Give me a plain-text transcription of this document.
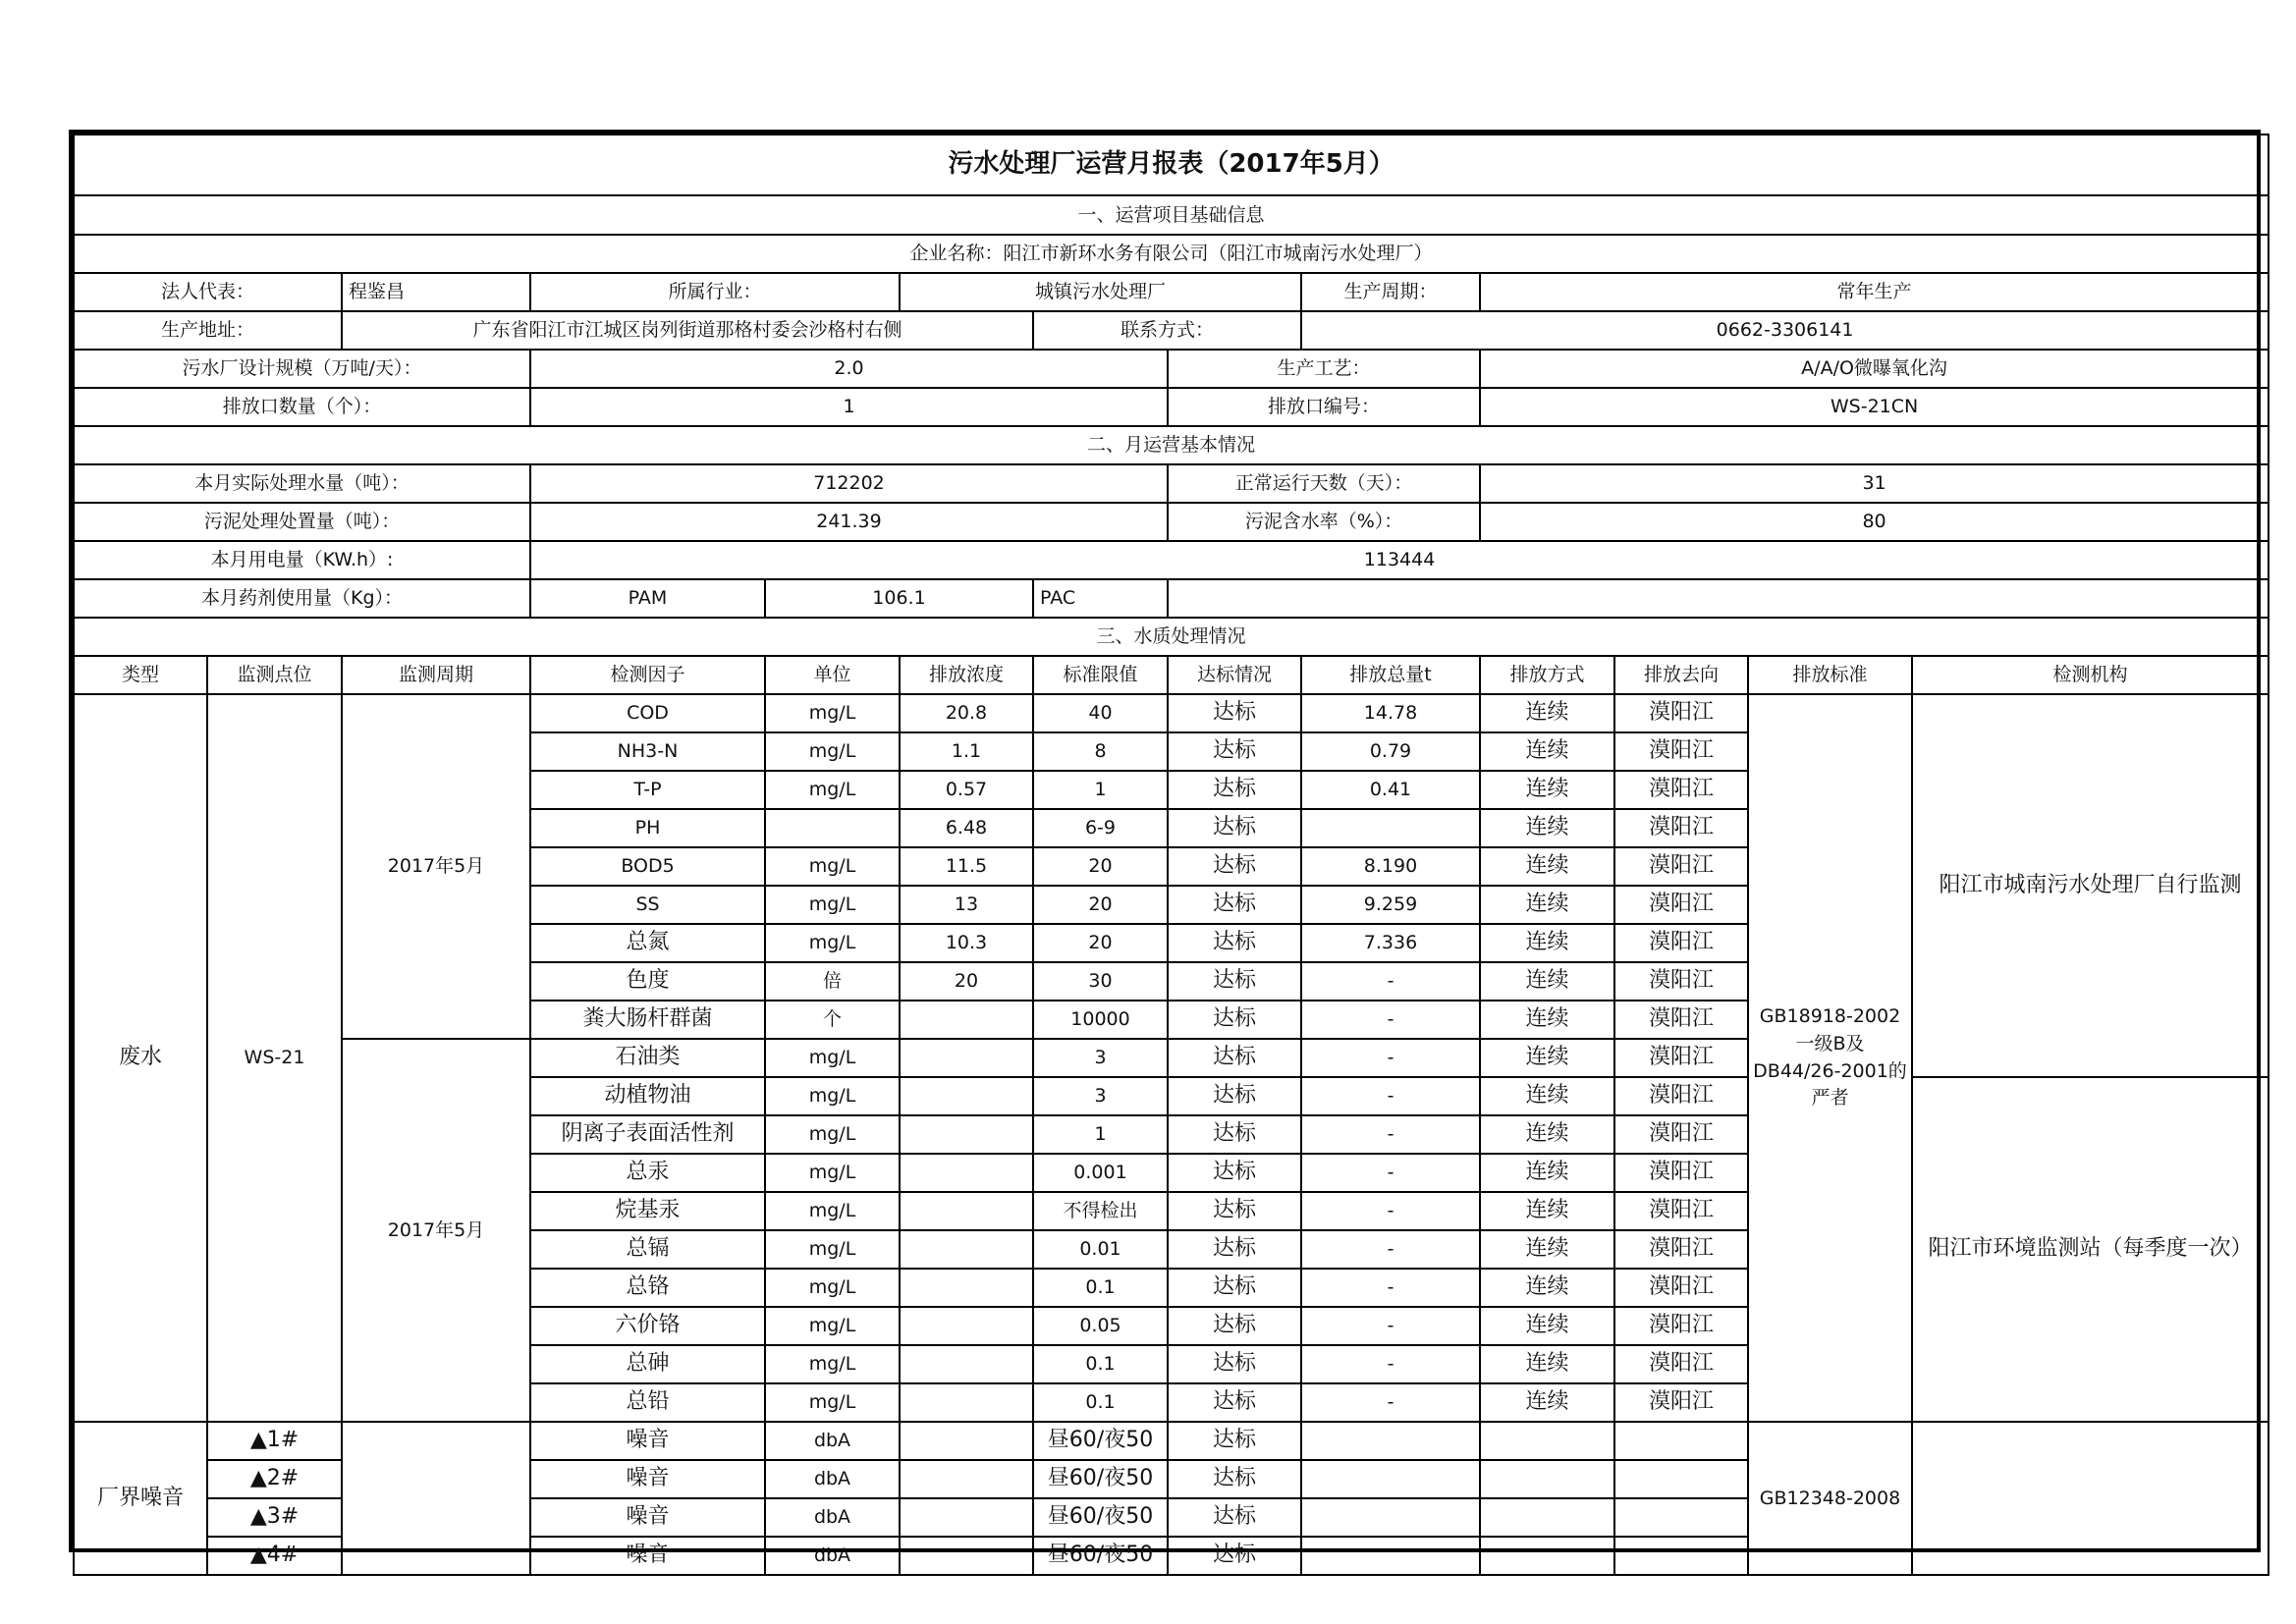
污水处理厂运营月报表（2017年5月）												
一、运营项目基础信息												
企业名称：阳江市新环水务有限公司（阳江市城南污水处理厂）												
法人代表：		程鉴昌	所属行业：		城镇污水处理厂			生产周期：	常年生产			
生产地址：		广东省阳江市江城区岗列街道那格村委会沙格村右侧				联系方式：		0662-3306141				
污水厂设计规模（万吨/天）：			2.0				生产工艺：		A/A/O微曝氧化沟			
排放口数量（个）：			1				排放口编号：		WS-21CN			
二、月运营基本情况												
本月实际处理水量（吨）：			712202				正常运行天数（天）：		31			
污泥处理处置量（吨）：			241.39				污泥含水率（%）：		80			
本月用电量（KW.h）:			113444									
本月药剂使用量（Kg）：			PAM	106.1		PAC						
三、水质处理情况												
类型	监测点位	监测周期	检测因子	单位	排放浓度	标准限值	达标情况	排放总量t	排放方式	排放去向	排放标准	检测机构
废水	WS-21	2017年5月	COD	mg/L	20.8	40	达标	14.78	连续	漠阳江	GB18918-2002一级B及DB44/26-2001的严者	阳江市城南污水处理厂自行监测
			NH3-N	mg/L	1.1	8	达标	0.79	连续	漠阳江		
			T-P	mg/L	0.57	1	达标	0.41	连续	漠阳江		
			PH		6.48	6-9	达标		连续	漠阳江		
			BOD5	mg/L	11.5	20	达标	8.190	连续	漠阳江		
			SS	mg/L	13	20	达标	9.259	连续	漠阳江		
			总氮	mg/L	10.3	20	达标	7.336	连续	漠阳江		
			色度	倍	20	30	达标	-	连续	漠阳江		
			粪大肠杆群菌	个		10000	达标	-	连续	漠阳江		
		2017年5月	石油类	mg/L		3	达标	-	连续	漠阳江		
			动植物油	mg/L		3	达标	-	连续	漠阳江		阳江市环境监测站（每季度一次）
			阴离子表面活性剂	mg/L		1	达标	-	连续	漠阳江		
			总汞	mg/L		0.001	达标	-	连续	漠阳江		
			烷基汞	mg/L		不得检出	达标	-	连续	漠阳江		
			总镉	mg/L		0.01	达标	-	连续	漠阳江		
			总铬	mg/L		0.1	达标	-	连续	漠阳江		
			六价铬	mg/L		0.05	达标	-	连续	漠阳江		
			总砷	mg/L		0.1	达标	-	连续	漠阳江		
			总铅	mg/L		0.1	达标	-	连续	漠阳江		
厂界噪音	▲1#		噪音	dbA		昼60/夜50	达标				GB12348-2008	
	▲2#		噪音	dbA		昼60/夜50	达标					
	▲3#		噪音	dbA		昼60/夜50	达标					
	▲4#		噪音	dbA		昼60/夜50	达标					
